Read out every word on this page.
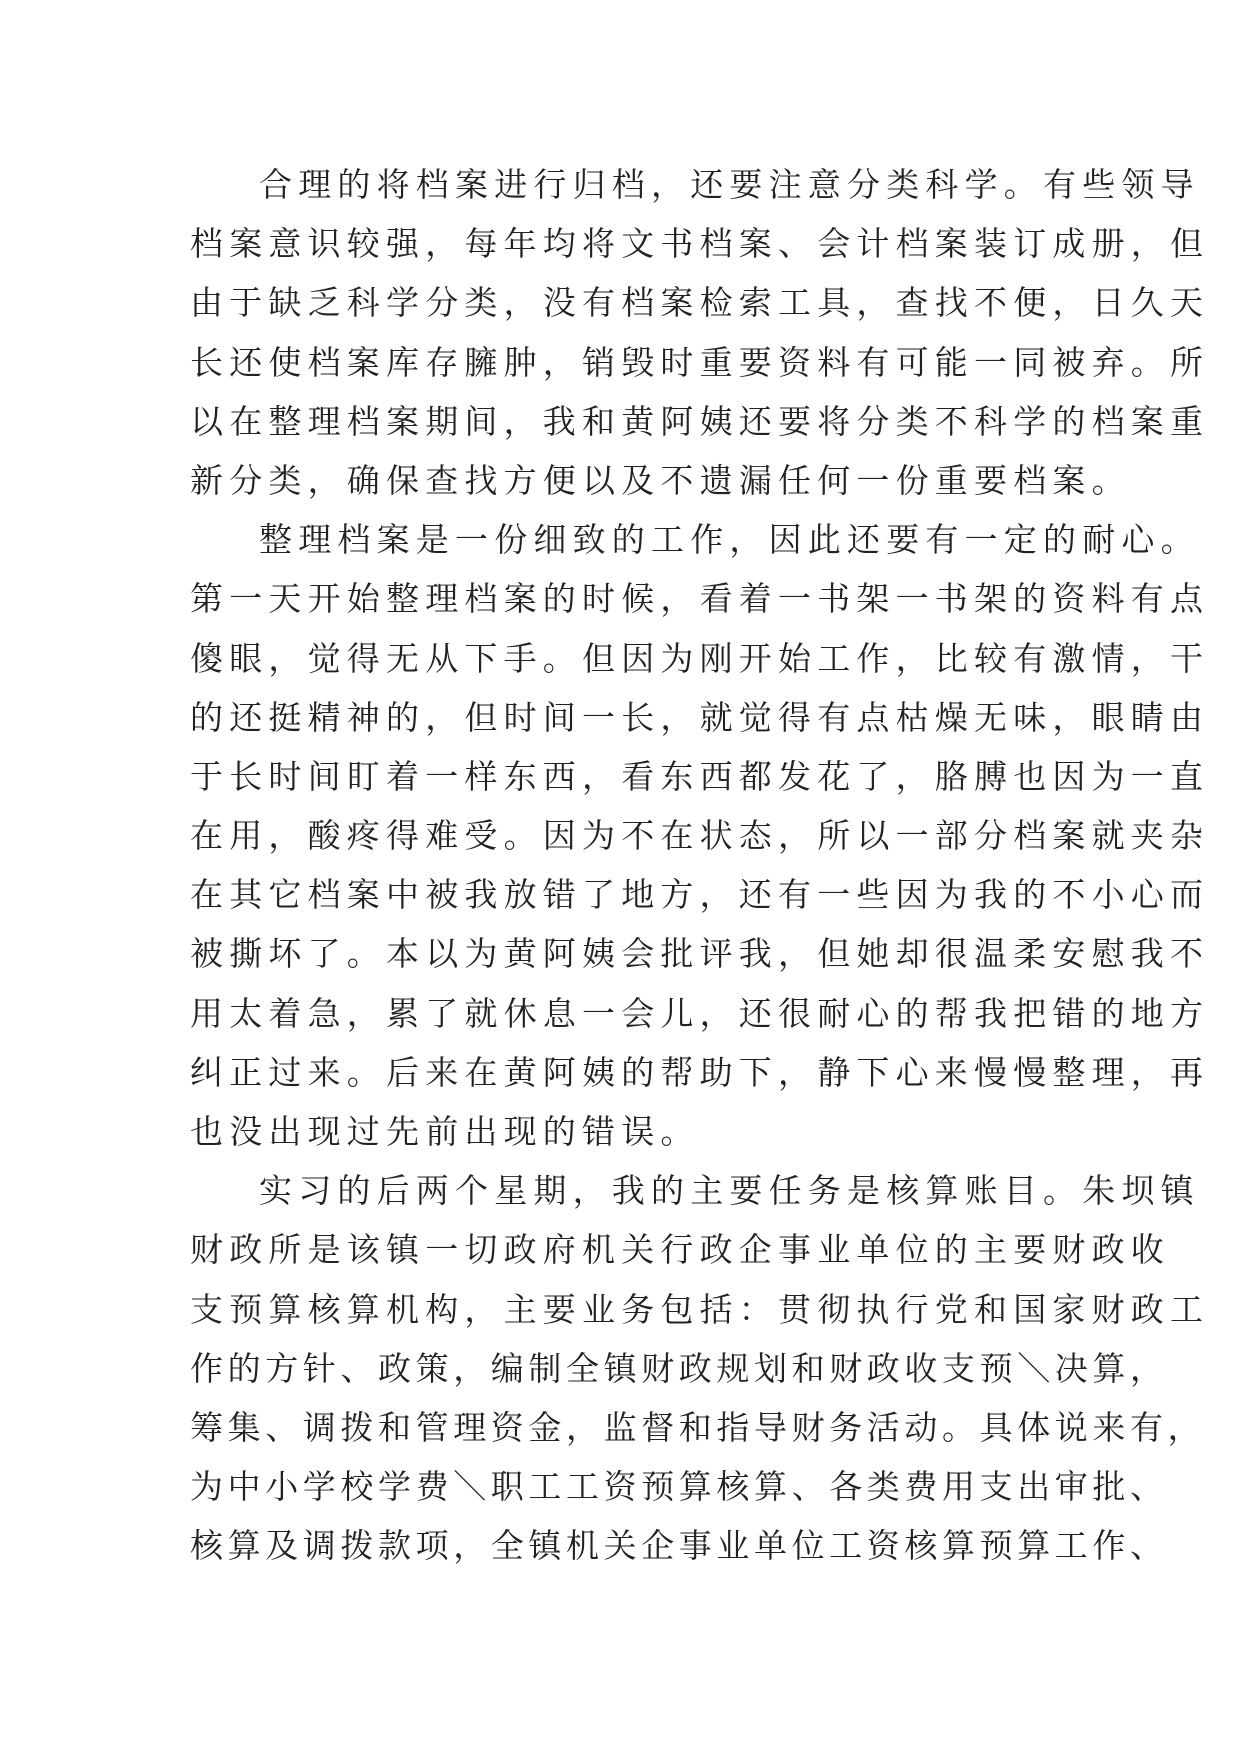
合理的将档案进行归档，还要注意分类科学。有些领导
档案意识较强，每年均将文书档案、会计档案装订成册，但
由于缺乏科学分类，没有档案检索工具，查找不便，日久天
长还使档案库存臃肿，销毁时重要资料有可能一同被弃。所
以在整理档案期间，我和黄阿姨还要将分类不科学的档案重
新分类，确保查找方便以及不遗漏任何一份重要档案。
整理档案是一份细致的工作，因此还要有一定的耐心。
第一天开始整理档案的时候，看着一书架一书架的资料有点
傻眼，觉得无从下手。但因为刚开始工作，比较有激情，干
的还挺精神的，但时间一长，就觉得有点枯燥无味，眼睛由
于长时间盯着一样东西，看东西都发花了，胳膊也因为一直
在用，酸疼得难受。因为不在状态，所以一部分档案就夹杂
在其它档案中被我放错了地方，还有一些因为我的不小心而
被撕坏了。本以为黄阿姨会批评我，但她却很温柔安慰我不
用太着急，累了就休息一会儿，还很耐心的帮我把错的地方
纠正过来。后来在黄阿姨的帮助下，静下心来慢慢整理，再
也没出现过先前出现的错误。
实习的后两个星期，我的主要任务是核算账目。朱坝镇
财政所是该镇一切政府机关行政企事业单位的主要财政收
支预算核算机构，主要业务包括：贯彻执行党和国家财政工
作的方针、政策，编制全镇财政规划和财政收支预＼决算，
筹集、调拨和管理资金，监督和指导财务活动。具体说来有，
为中小学校学费＼职工工资预算核算、各类费用支出审批、
核算及调拨款项，全镇机关企事业单位工资核算预算工作、
